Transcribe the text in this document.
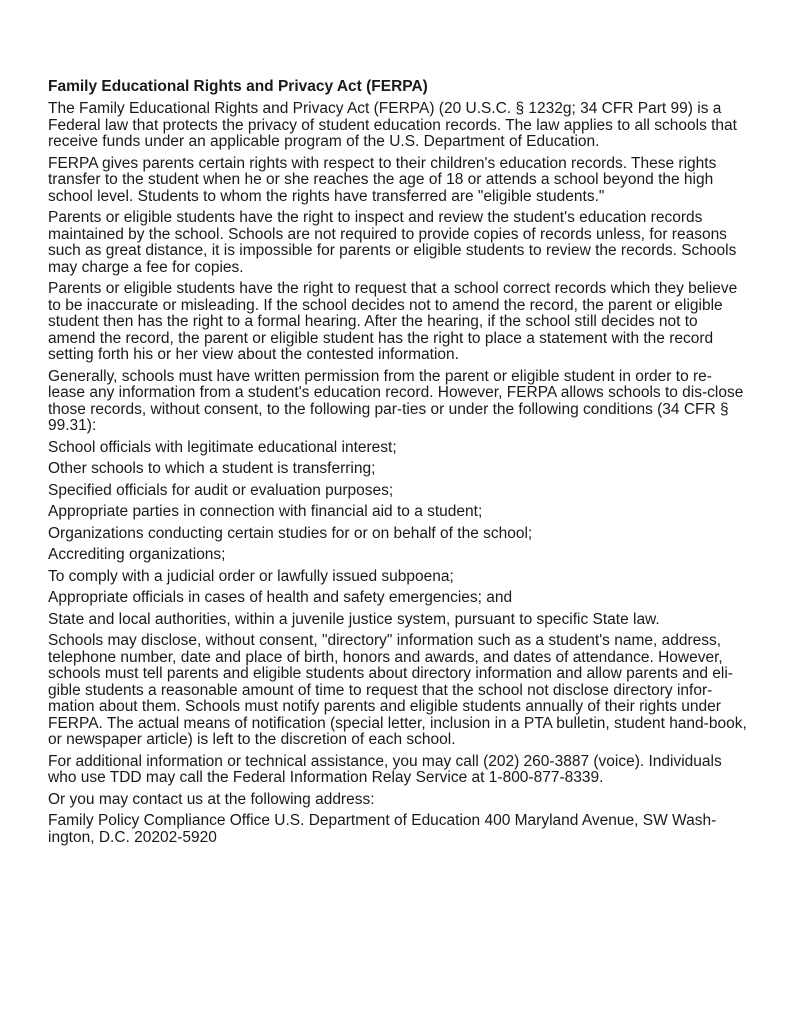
Family Educational Rights and Privacy Act (FERPA)
The Family Educational Rights and Privacy Act (FERPA) (20 U.S.C. § 1232g; 34 CFR Part 99) is a Federal law that protects the privacy of student education records. The law applies to all schools that receive funds under an applicable program of the U.S. Department of Education.
FERPA gives parents certain rights with respect to their children's education records. These rights transfer to the student when he or she reaches the age of 18 or attends a school beyond the high school level. Students to whom the rights have transferred are "eligible students."
Parents or eligible students have the right to inspect and review the student's education records maintained by the school. Schools are not required to provide copies of records unless, for reasons such as great distance, it is impossible for parents or eligible students to review the records. Schools may charge a fee for copies.
Parents or eligible students have the right to request that a school correct records which they believe to be inaccurate or misleading. If the school decides not to amend the record, the parent or eligible student then has the right to a formal hearing. After the hearing, if the school still decides not to amend the record, the parent or eligible student has the right to place a statement with the record setting forth his or her view about the contested information.
Generally, schools must have written permission from the parent or eligible student in order to re-lease any information from a student's education record. However, FERPA allows schools to dis-close those records, without consent, to the following par-ties or under the following conditions (34 CFR § 99.31):
School officials with legitimate educational interest;
Other schools to which a student is transferring;
Specified officials for audit or evaluation purposes;
Appropriate parties in connection with financial aid to a student;
Organizations conducting certain studies for or on behalf of the school;
Accrediting organizations;
To comply with a judicial order or lawfully issued subpoena;
Appropriate officials in cases of health and safety emergencies; and
State and local authorities, within a juvenile justice system, pursuant to specific State law.
Schools may disclose, without consent, "directory" information such as a student's name, address, telephone number, date and place of birth, honors and awards, and dates of attendance. However, schools must tell parents and eligible students about directory information and allow parents and eli-gible students a reasonable amount of time to request that the school not disclose directory infor-mation about them. Schools must notify parents and eligible students annually of their rights under FERPA. The actual means of notification (special letter, inclusion in a PTA bulletin, student hand-book, or newspaper article) is left to the discretion of each school.
For additional information or technical assistance, you may call (202) 260-3887 (voice). Individuals who use TDD may call the Federal Information Relay Service at 1-800-877-8339.
Or you may contact us at the following address:
Family Policy Compliance Office U.S. Department of Education 400 Maryland Avenue, SW Wash-ington, D.C. 20202-5920
